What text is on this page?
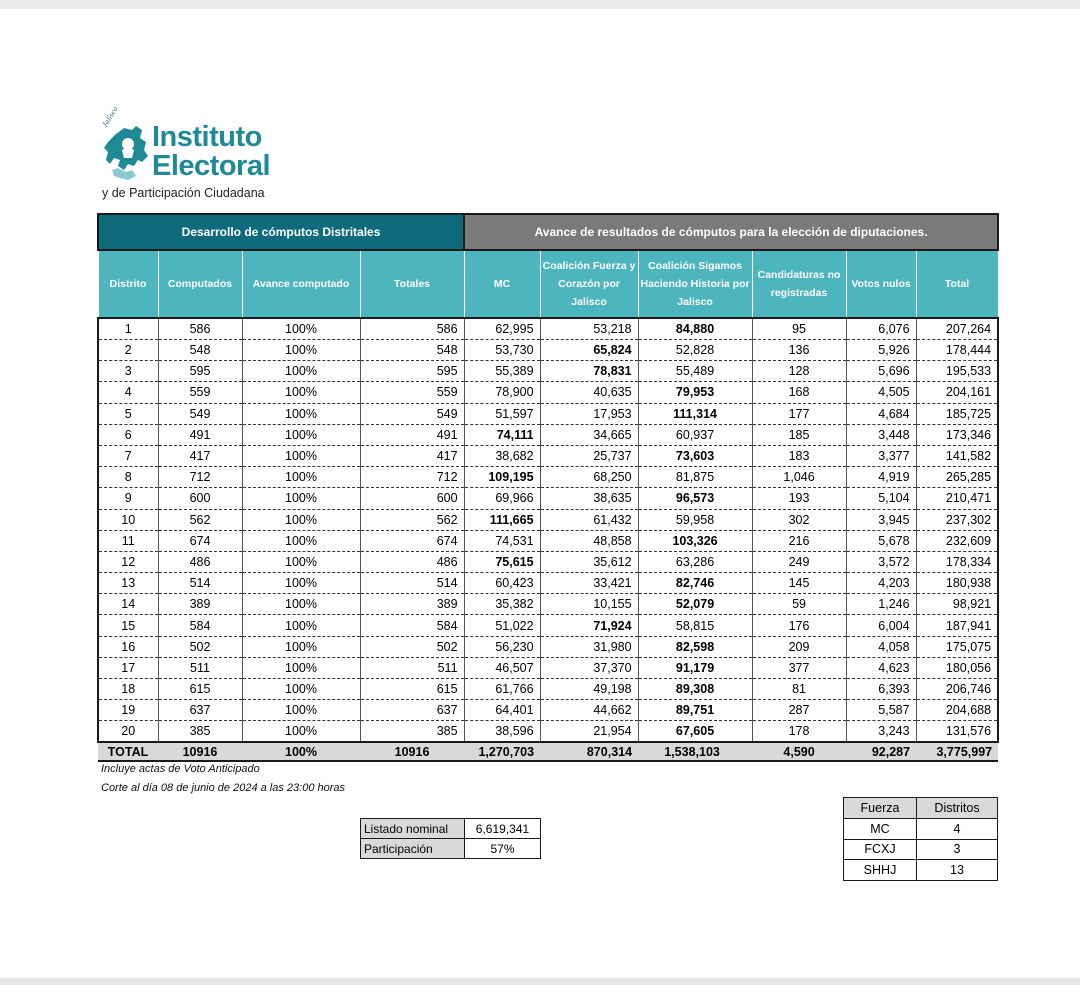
Jalisco
Instituto
Electoral
y de Participación Ciudadana
Desarrollo de cómputos Distritales				Avance de resultados de cómputos para la elección de diputaciones.					
Distrito	Computados	Avance computado	Totales	MC	Coalición Fuerza y Corazón por Jalisco	Coalición Sigamos Haciendo Historia por Jalisco	Candidaturas no registradas	Votos nulos	Total
1	586	100%	586	62,995	53,218	84,880	95	6,076	207,264
2	548	100%	548	53,730	65,824	52,828	136	5,926	178,444
3	595	100%	595	55,389	78,831	55,489	128	5,696	195,533
4	559	100%	559	78,900	40,635	79,953	168	4,505	204,161
5	549	100%	549	51,597	17,953	111,314	177	4,684	185,725
6	491	100%	491	74,111	34,665	60,937	185	3,448	173,346
7	417	100%	417	38,682	25,737	73,603	183	3,377	141,582
8	712	100%	712	109,195	68,250	81,875	1,046	4,919	265,285
9	600	100%	600	69,966	38,635	96,573	193	5,104	210,471
10	562	100%	562	111,665	61,432	59,958	302	3,945	237,302
11	674	100%	674	74,531	48,858	103,326	216	5,678	232,609
12	486	100%	486	75,615	35,612	63,286	249	3,572	178,334
13	514	100%	514	60,423	33,421	82,746	145	4,203	180,938
14	389	100%	389	35,382	10,155	52,079	59	1,246	98,921
15	584	100%	584	51,022	71,924	58,815	176	6,004	187,941
16	502	100%	502	56,230	31,980	82,598	209	4,058	175,075
17	511	100%	511	46,507	37,370	91,179	377	4,623	180,056
18	615	100%	615	61,766	49,198	89,308	81	6,393	206,746
19	637	100%	637	64,401	44,662	89,751	287	5,587	204,688
20	385	100%	385	38,596	21,954	67,605	178	3,243	131,576
TOTAL	10916	100%	10916	1,270,703	870,314	1,538,103	4,590	92,287	3,775,997
Incluye actas de Voto Anticipado
Corte al día 08 de junio de 2024 a las 23:00 horas
Listado nominal	6,619,341
Participación	57%
Fuerza	Distritos
MC	4
FCXJ	3
SHHJ	13
